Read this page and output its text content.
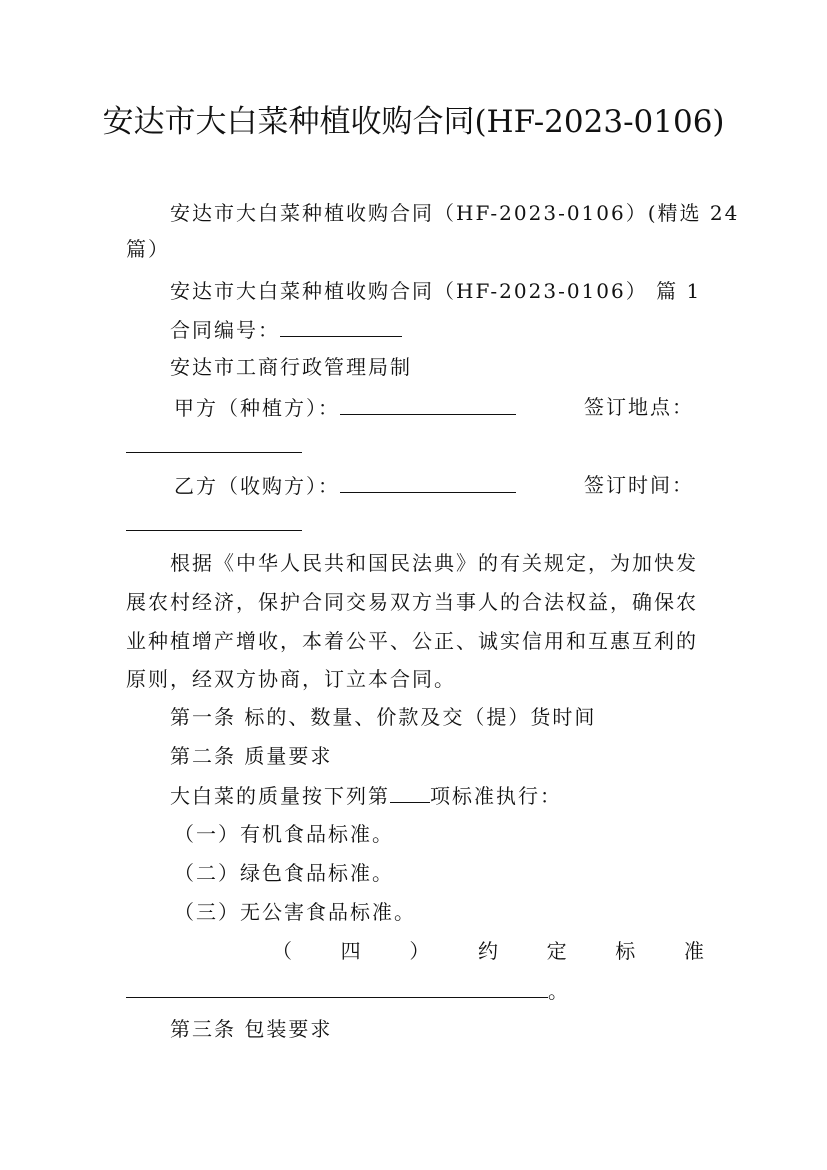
安达市大白菜种植收购合同(HF-2023-0106)
安达市大白菜种植收购合同（HF-2023-0106）(精选 24
篇）
安达市大白菜种植收购合同（HF-2023-0106） 篇 1
合同编号：
安达市工商行政管理局制
甲方（种植方）：	签订地点：
乙方（收购方）：	签订时间：
根据《中华人民共和国民法典》的有关规定，为加快发
展农村经济，保护合同交易双方当事人的合法权益，确保农
业种植增产增收，本着公平、公正、诚实信用和互惠互利的
原则，经双方协商，订立本合同。
第一条 标的、数量、价款及交（提）货时间
第二条 质量要求
大白菜的质量按下列第 项标准执行：
（一）有机食品标准。
（二）绿色食品标准。
（三）无公害食品标准。
（ 四 ） 约 定 标 准
。
第三条 包装要求
